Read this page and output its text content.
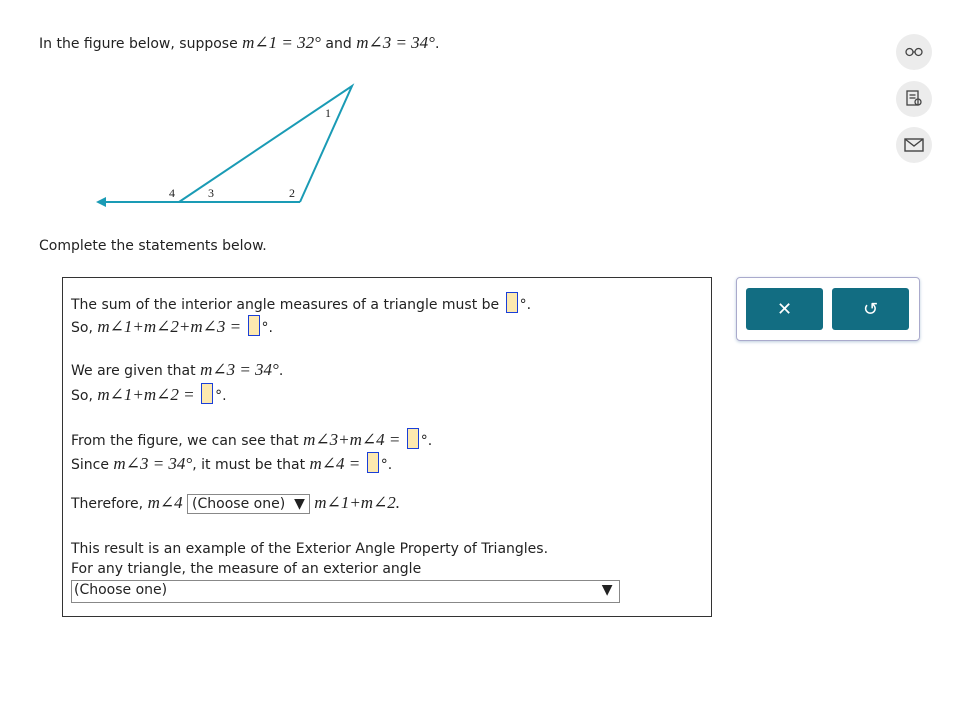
In the figure below, suppose m∠1 = 32° and m∠3 = 34°.
1
2
3
4
Complete the statements below.
The sum of the interior angle measures of a triangle must be °.
So, m∠1+m∠2+m∠3 = °.
We are given that m∠3 = 34°.
So, m∠1+m∠2 = °.
From the figure, we can see that m∠3+m∠4 = °.
Since m∠3 = 34°, it must be that m∠4 = °.
Therefore, m∠4 (Choose one)  ▼ m∠1+m∠2.
This result is an example of the Exterior Angle Property of Triangles.
For any triangle, the measure of an exterior angle
(Choose one)	▼
✕	↺
